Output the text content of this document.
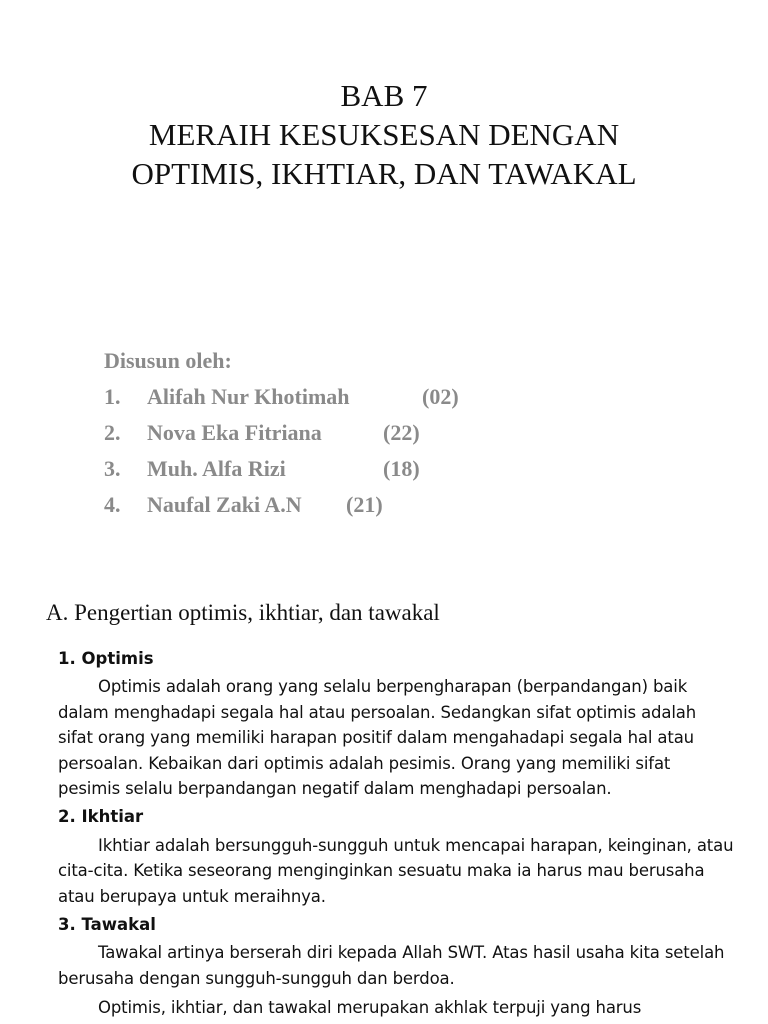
BAB 7
MERAIH KESUKSESAN DENGAN
OPTIMIS, IKHTIAR, DAN TAWAKAL
Disusun oleh:
1. Alifah Nur Khotimah	(02)
2. Nova Eka Fitriana	(22)
3. Muh. Alfa Rizi	(18)
4. Naufal Zaki A.N (21)
A. Pengertian optimis, ikhtiar, dan tawakal
1. Optimis

Optimis adalah orang yang selalu berpengharapan (berpandangan) baik dalam menghadapi segala hal atau persoalan. Sedangkan sifat optimis adalah sifat orang yang memiliki harapan positif dalam mengahadapi segala hal atau persoalan. Kebaikan dari optimis adalah pesimis. Orang yang memiliki sifat pesimis selalu berpandangan negatif dalam menghadapi persoalan.

2. Ikhtiar

Ikhtiar adalah bersungguh-sungguh untuk mencapai harapan, keinginan, atau cita-cita. Ketika seseorang menginginkan sesuatu maka ia harus mau berusaha atau berupaya untuk meraihnya.

3. Tawakal

Tawakal artinya berserah diri kepada Allah SWT. Atas hasil usaha kita setelah berusaha dengan sungguh-sungguh dan berdoa.

Optimis, ikhtiar, dan tawakal merupakan akhlak terpuji yang harus
